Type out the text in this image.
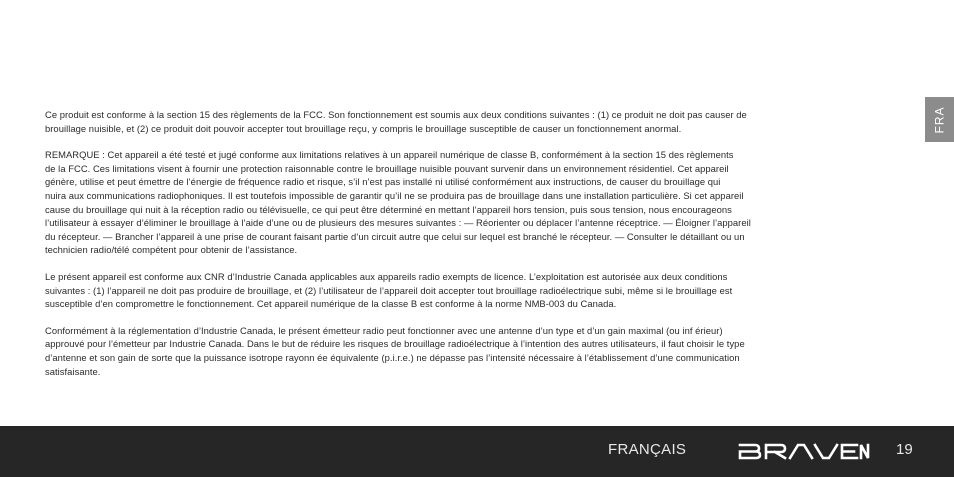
FRA

Ce produit est conforme à la section 15 des règlements de la FCC. Son fonctionnement est soumis aux deux conditions suivantes : (1) ce produit ne doit pas causer de
brouillage nuisible, et (2) ce produit doit pouvoir accepter tout brouillage reçu, y compris le brouillage susceptible de causer un fonctionnement anormal.

REMARQUE : Cet appareil a été testé et jugé conforme aux limitations relatives à un appareil numérique de classe B, conformément à la section 15 des règlements
de la FCC. Ces limitations visent à fournir une protection raisonnable contre le brouillage nuisible pouvant survenir dans un environnement résidentiel. Cet appareil
génère, utilise et peut émettre de l’énergie de fréquence radio et risque, s’il n’est pas installé ni utilisé conformément aux instructions, de causer du brouillage qui
nuira aux communications radiophoniques. Il est toutefois impossible de garantir qu’il ne se produira pas de brouillage dans une installation particulière. Si cet appareil
cause du brouillage qui nuit à la réception radio ou télévisuelle, ce qui peut être déterminé en mettant l’appareil hors tension, puis sous tension, nous encourageons
l’utilisateur à essayer d’éliminer le brouillage à l’aide d’une ou de plusieurs des mesures suivantes : — Réorienter ou déplacer l’antenne réceptrice. — Éloigner l’appareil
du récepteur. — Brancher l’appareil à une prise de courant faisant partie d’un circuit autre que celui sur lequel est branché le récepteur. — Consulter le détaillant ou un
technicien radio/télé compétent pour obtenir de l’assistance.

Le présent appareil est conforme aux CNR d’Industrie Canada applicables aux appareils radio exempts de licence. L’exploitation est autorisée aux deux conditions
suivantes : (1) l’appareil ne doit pas produire de brouillage, et (2) l’utilisateur de l’appareil doit accepter tout brouillage radioélectrique subi, même si le brouillage est
susceptible d’en compromettre le fonctionnement. Cet appareil numérique de la classe B est conforme à la norme NMB-003 du Canada.

Conformément à la réglementation d’Industrie Canada, le présent émetteur radio peut fonctionner avec une antenne d’un type et d’un gain maximal (ou inf érieur)
approuvé pour l’émetteur par Industrie Canada. Dans le but de réduire les risques de brouillage radioélectrique à l’intention des autres utilisateurs, il faut choisir le type
d’antenne et son gain de sorte que la puissance isotrope rayonn ée équivalente (p.i.r.e.) ne dépasse pas l’intensité nécessaire à l’établissement d’une communication
satisfaisante.

FRANÇAIS	19
